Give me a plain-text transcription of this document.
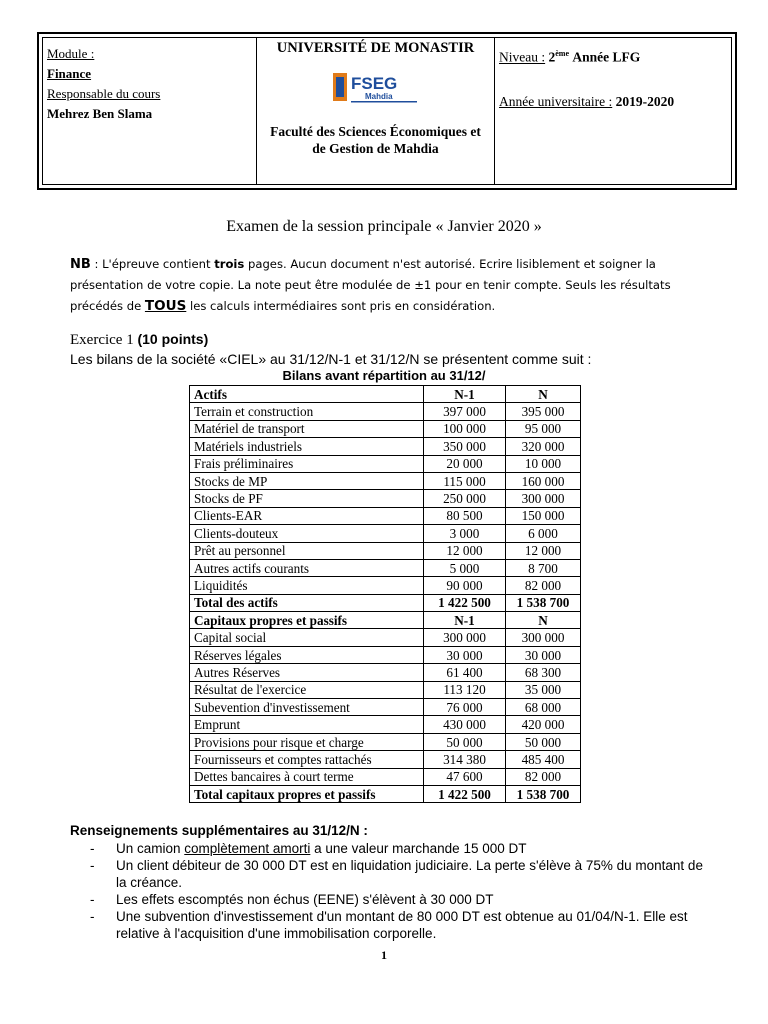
Module :
Finance
Responsable du cours
Mehrez Ben Slama
UNIVERSITÉ DE MONASTIR
FSEG
Mahdia
Faculté des Sciences Économiques et de Gestion de Mahdia
Niveau : 2ème Année LFG
Année universitaire : 2019-2020
Examen de la session principale « Janvier 2020 »
NB : L'épreuve contient trois pages. Aucun document n'est autorisé. Ecrire lisiblement et soigner la présentation de votre copie. La note peut être modulée de ±1 pour en tenir compte. Seuls les résultats précédés de TOUS les calculs intermédiaires sont pris en considération.
Exercice 1 (10 points)
Les bilans de la société «CIEL» au 31/12/N-1 et 31/12/N se présentent comme suit :
Bilans avant répartition au 31/12/
Actifs	N-1	N
Terrain et construction	397 000	395 000
Matériel de transport	100 000	95 000
Matériels industriels	350 000	320 000
Frais préliminaires	20 000	10 000
Stocks de MP	115 000	160 000
Stocks de PF	250 000	300 000
Clients-EAR	80 500	150 000
Clients-douteux	3 000	6 000
Prêt au personnel	12 000	12 000
Autres actifs courants	5 000	8 700
Liquidités	90 000	82 000
Total des actifs	1 422 500	1 538 700
Capitaux propres et passifs	N-1	N
Capital social	300 000	300 000
Réserves légales	30 000	30 000
Autres Réserves	61 400	68 300
Résultat de l'exercice	113 120	35 000
Subevention d'investissement	76 000	68 000
Emprunt	430 000	420 000
Provisions pour risque et charge	50 000	50 000
Fournisseurs et comptes rattachés	314 380	485 400
Dettes bancaires à court terme	47 600	82 000
Total capitaux propres et passifs	1 422 500	1 538 700
Renseignements supplémentaires au 31/12/N :
- Un camion complètement amorti a une valeur marchande 15 000 DT
- Un client débiteur de 30 000 DT est en liquidation judiciaire. La perte s'élève à 75% du montant de la créance.
- Les effets escomptés non échus (EENE) s'élèvent à 30 000 DT
- Une subvention d'investissement d'un montant de 80 000 DT est obtenue au 01/04/N-1. Elle est relative à l'acquisition d'une immobilisation corporelle.
1
